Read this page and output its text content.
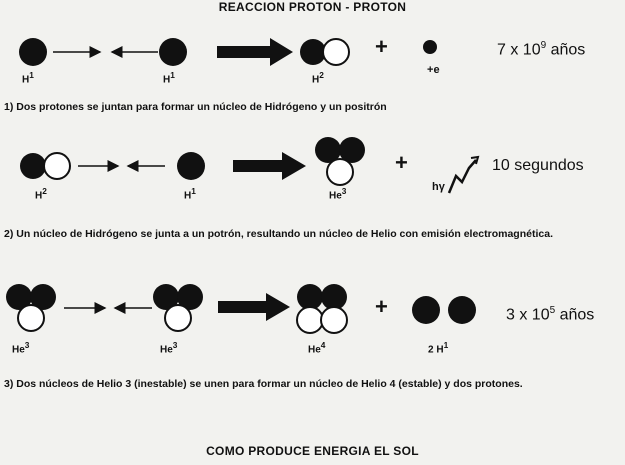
REACCION PROTON - PROTON
$H^1$	$H^1$	$H^2$
+
+e
7 x $10^9$ años
1) Dos protones se juntan para formar un núcleo de Hidrógeno y un positrón
$H^2$	$H^1$	$He^3$
+
hγ
10 segundos
2) Un núcleo de Hidrógeno se junta a un potrón, resultando un núcleo de Helio con emisión electromagnética.
He$^3$	He$^3$	$He^4$
+
2 $H^1$
3 x $10^5$ años
3) Dos núcleos de Helio 3 (inestable) se unen para formar un núcleo de Helio 4 (estable) y dos protones.
COMO PRODUCE ENERGIA EL SOL
